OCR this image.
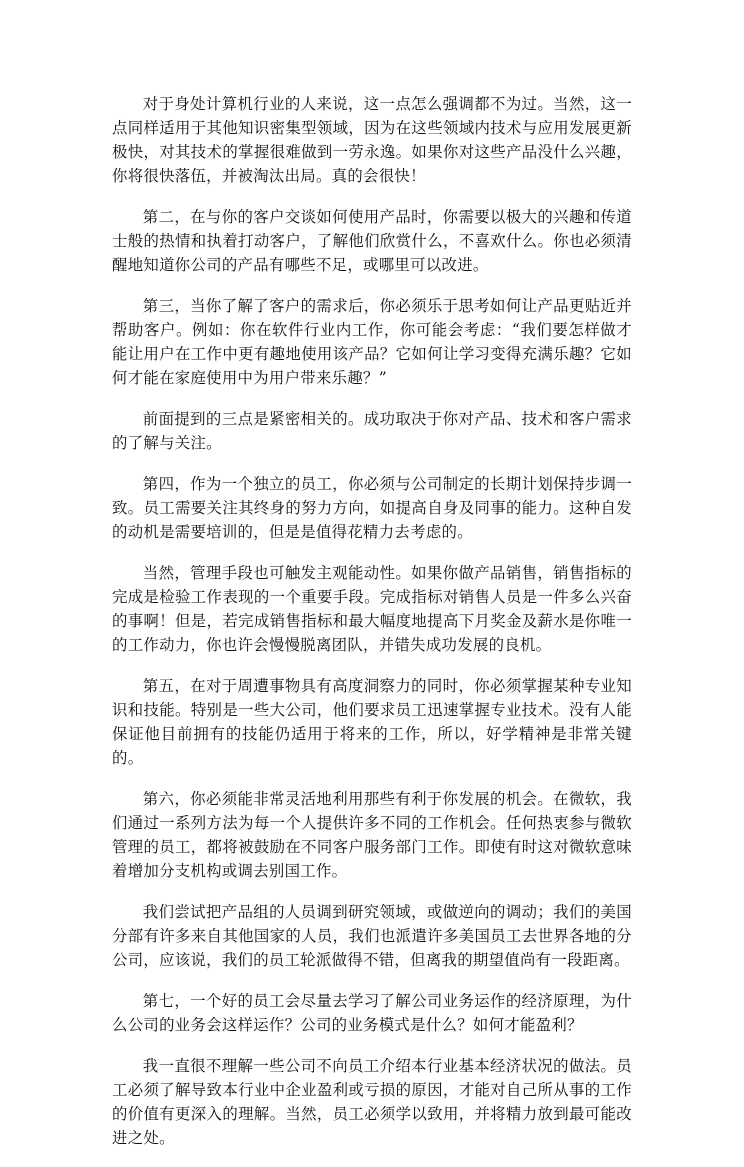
对于身处计算机行业的人来说，这一点怎么强调都不为过。当然，这一点同样适用于其他知识密集型领域，因为在这些领域内技术与应用发展更新极快，对其技术的掌握很难做到一劳永逸。如果你对这些产品没什么兴趣，你将很快落伍，并被淘汰出局。真的会很快！

第二，在与你的客户交谈如何使用产品时，你需要以极大的兴趣和传道士般的热情和执着打动客户，了解他们欣赏什么，不喜欢什么。你也必须清醒地知道你公司的产品有哪些不足，或哪里可以改进。

第三，当你了解了客户的需求后，你必须乐于思考如何让产品更贴近并帮助客户。例如：你在软件行业内工作，你可能会考虑：“我们要怎样做才能让用户在工作中更有趣地使用该产品？它如何让学习变得充满乐趣？它如何才能在家庭使用中为用户带来乐趣？”

前面提到的三点是紧密相关的。成功取决于你对产品、技术和客户需求的了解与关注。

第四，作为一个独立的员工，你必须与公司制定的长期计划保持步调一致。员工需要关注其终身的努力方向，如提高自身及同事的能力。这种自发的动机是需要培训的，但是是值得花精力去考虑的。

当然，管理手段也可触发主观能动性。如果你做产品销售，销售指标的完成是检验工作表现的一个重要手段。完成指标对销售人员是一件多么兴奋的事啊！但是，若完成销售指标和最大幅度地提高下月奖金及薪水是你唯一的工作动力，你也许会慢慢脱离团队，并错失成功发展的良机。

第五，在对于周遭事物具有高度洞察力的同时，你必须掌握某种专业知识和技能。特别是一些大公司，他们要求员工迅速掌握专业技术。没有人能保证他目前拥有的技能仍适用于将来的工作，所以，好学精神是非常关键的。

第六，你必须能非常灵活地利用那些有利于你发展的机会。在微软，我们通过一系列方法为每一个人提供许多不同的工作机会。任何热衷参与微软管理的员工，都将被鼓励在不同客户服务部门工作。即使有时这对微软意味着增加分支机构或调去别国工作。

我们尝试把产品组的人员调到研究领域，或做逆向的调动；我们的美国分部有许多来自其他国家的人员，我们也派遣许多美国员工去世界各地的分公司，应该说，我们的员工轮派做得不错，但离我的期望值尚有一段距离。

第七，一个好的员工会尽量去学习了解公司业务运作的经济原理，为什么公司的业务会这样运作？公司的业务模式是什么？如何才能盈利？

我一直很不理解一些公司不向员工介绍本行业基本经济状况的做法。员工必须了解导致本行业中企业盈利或亏损的原因，才能对自己所从事的工作的价值有更深入的理解。当然，员工必须学以致用，并将精力放到最可能改进之处。
